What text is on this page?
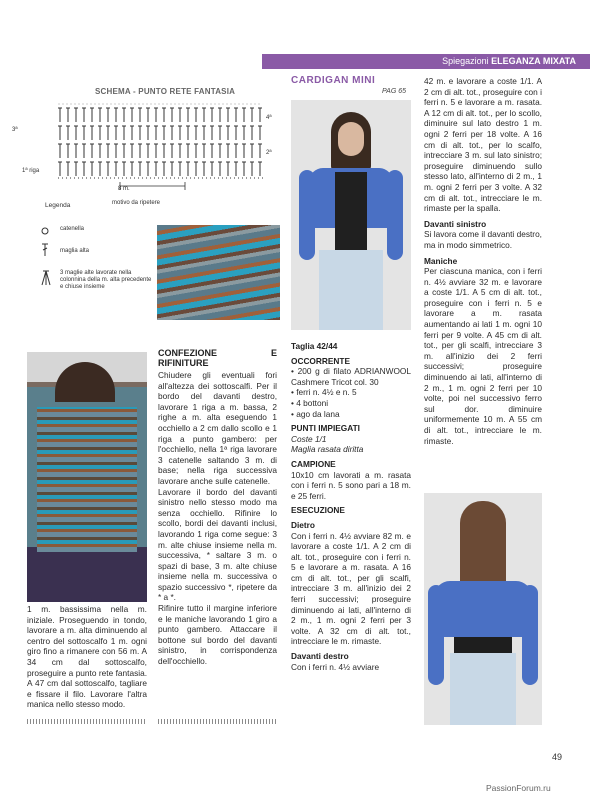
Spiegazioni ELEGANZA MIXATA
SCHEMA - PUNTO RETE FANTASIA
3ª
1ª riga
4ª
2ª
8 m.
motivo da ripetere
Legenda
catenella
maglia alta
3 maglie alte lavorate nella colonnina della m. alta precedente e chiuse insieme

1 m. bassissima nella m. iniziale. Proseguendo in tondo, lavorare a m. alta diminuendo al centro del sottoscalfo 1 m. ogni giro fino a rimanere con 56 m. A 34 cm dal sottoscalfo, proseguire a punto rete fantasia. A 47 cm dal sottoscalfo, tagliare e fissare il filo. Lavorare l'altra manica nello stesso modo.

CONFEZIONE E RIFINITURE

Chiudere gli eventuali fori all'altezza dei sottoscalfi. Per il bordo del davanti destro, lavorare 1 riga a m. bassa, 2 righe a m. alta eseguendo 1 occhiello a 2 cm dallo scollo e 1 riga a punto gambero: per l'occhiello, nella 1ª riga lavorare 3 catenelle saltando 3 m. di base; nella riga successiva lavorare anche sulle catenelle.

Lavorare il bordo del davanti sinistro nello stesso modo ma senza occhiello. Rifinire lo scollo, bordi dei davanti inclusi, lavorando 1 riga come segue: 3 m. alte chiuse insieme nella m. successiva, * saltare 3 m. o spazi di base, 3 m. alte chiuse insieme nella m. successiva o spazio successivo *, ripetere da * a *.

Rifinire tutto il margine inferiore e le maniche lavorando 1 giro a punto gambero. Attaccare il bottone sul bordo del davanti sinistro, in corrispondenza dell'occhiello.

CARDIGAN MINI
PAG 65

Taglia 42/44

OCCORRENTE

• 200 g di filato ADRIANWOOL Cashmere Tricot col. 30
• ferri n. 4½ e n. 5
• 4 bottoni
• ago da lana

PUNTI IMPIEGATI

Coste 1/1

Maglia rasata diritta

CAMPIONE

10x10 cm lavorati a m. rasata con i ferri n. 5 sono pari a 18 m. e 25 ferri.

ESECUZIONE

Dietro

Con i ferri n. 4½ avviare 82 m. e lavorare a coste 1/1. A 2 cm di alt. tot., proseguire con i ferri n. 5 e lavorare a m. rasata. A 16 cm di alt. tot., per gli scalfi, intrecciare 3 m. all'inizio dei 2 ferri successivi; proseguire diminuendo ai lati, all'interno di 2 m., 1 m. ogni 2 ferri per 3 volte. A 32 cm di alt. tot., intrecciare le m. rimaste.

Davanti destro

Con i ferri n. 4½ avviare

42 m. e lavorare a coste 1/1. A 2 cm di alt. tot., proseguire con i ferri n. 5 e lavorare a m. rasata. A 12 cm di alt. tot., per lo scollo, diminuire sul lato destro 1 m. ogni 2 ferri per 18 volte. A 16 cm di alt. tot., per lo scalfo, intrecciare 3 m. sul lato sinistro; proseguire diminuendo sullo stesso lato, all'interno di 2 m., 1 m. ogni 2 ferri per 3 volte. A 32 cm di alt. tot., intrecciare le m. rimaste per la spalla.

Davanti sinistro

Si lavora come il davanti destro, ma in modo simmetrico.

Maniche

Per ciascuna manica, con i ferri n. 4½ avviare 32 m. e lavorare a coste 1/1. A 5 cm di alt. tot., proseguire con i ferri n. 5 e lavorare a m. rasata aumentando ai lati 1 m. ogni 10 ferri per 9 volte. A 45 cm di alt. tot., per gli scalfi, intrecciare 3 m. all'inizio dei 2 ferri successivi; proseguire diminuendo ai lati, all'interno di 2 m., 1 m. ogni 2 ferri per 10 volte, poi nel successivo ferro sul dor. diminuire uniformemente 10 m. A 55 cm di alt. tot., intrecciare le m. rimaste.

49
PassionForum.ru
